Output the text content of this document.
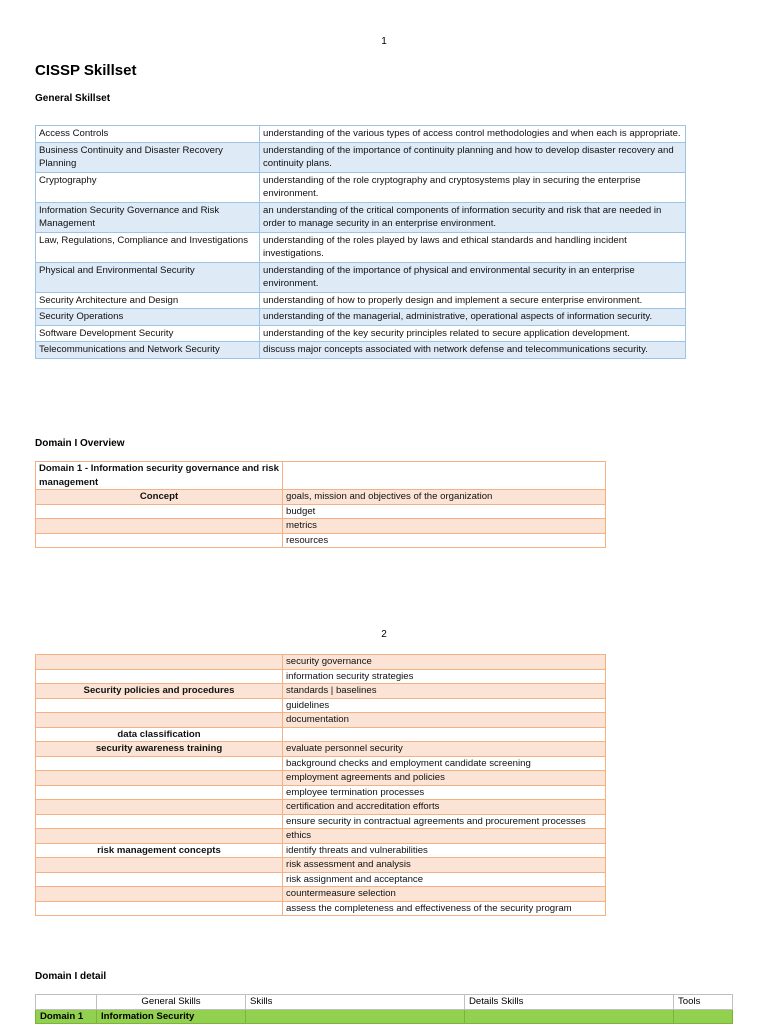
1
CISSP Skillset
General Skillset
Access Controls	understanding of the various types of access control methodologies and when each is appropriate.
Business Continuity and Disaster Recovery Planning	understanding of the importance of continuity planning and how to develop disaster recovery and continuity plans.
Cryptography	understanding of the role cryptography and cryptosystems play in securing the enterprise environment.
Information Security Governance and Risk Management	an understanding of the critical components of information security and risk that are needed in order to manage security in an enterprise environment.
Law, Regulations, Compliance and Investigations	understanding of the roles played by laws and ethical standards and handling incident investigations.
Physical and Environmental Security	understanding of the importance of physical and environmental security in an enterprise environment.
Security Architecture and Design	understanding of how to properly design and implement a secure enterprise environment.
Security Operations	understanding of the managerial, administrative, operational aspects of information security.
Software Development Security	understanding of the key security principles related to secure application development.
Telecommunications and Network Security	discuss major concepts associated with network defense and telecommunications security.
Domain I Overview
Domain 1 - Information security governance and risk management	
Concept	goals, mission and objectives of the organization
	budget
	metrics
	resources
2
	security governance
	information security strategies
Security policies and procedures	standards | baselines
	guidelines
	documentation
data classification	
security awareness training	evaluate personnel security
	background checks and employment candidate screening
	employment agreements and policies
	employee termination processes
	certification and accreditation efforts
	ensure security in contractual agreements and procurement processes
	ethics
risk management concepts	identify threats and vulnerabilities
	risk assessment and analysis
	risk assignment and acceptance
	countermeasure selection
	assess the completeness and effectiveness of the security program
Domain I detail
	General Skills	Skills	Details Skills	Tools
Domain 1	Information Security			
